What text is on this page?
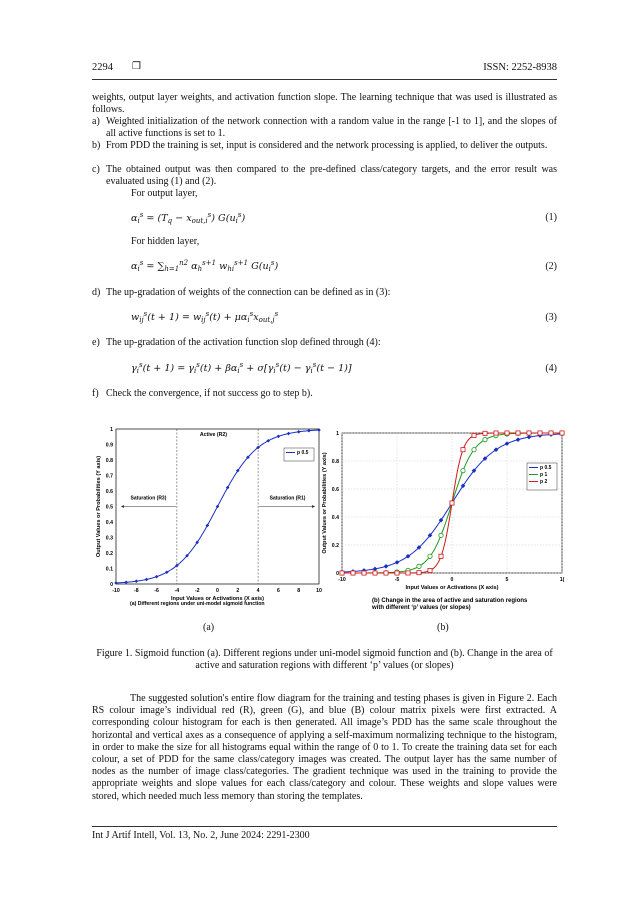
2294 ❒	ISSN: 2252-8938
weights, output layer weights, and activation function slope. The learning technique that was used is illustrated as follows.
a) Weighted initialization of the network connection with a random value in the range [-1 to 1], and the slopes of all active functions is set to 1.
b) From PDD the training is set, input is considered and the network processing is applied, to deliver the outputs.
c) The obtained output was then compared to the pre-defined class/category targets, and the error result was evaluated using (1) and (2).
For output layer,
$\alpha_i^s = (T_q - x_{out,i}^s)$ $G(u_i^s)$	(1)
For hidden layer,
$\alpha_i^s = \sum_{h=1}^{n2}$ $\alpha_h^{s+1}$ $w_{hi}^{s+1}$ $G(u_i^s)$	(2)
d) The up-gradation of weights of the connection can be defined as in (3):
$w_{ij}^s(t + 1) = w_{ij}^s(t) + \mu\alpha_i^sx_{out,j}^s$	(3)
e) The up-gradation of the activation function slop defined through (4):
$\gamma_i^s(t + 1) = \gamma_i^s(t) + \beta\alpha_i^s + \sigma[\gamma_i^s(t) - \gamma_i^s(t - 1)]$	(4)
f) Check the convergence, if not success go to step b).
-10	-8	-6	-4	-2	0	2	4	6	8	10
0
0.1
0.2
0.3
0.4
0.5
0.6
0.7
0.8
0.9
1
Input Values or Activations (X axis)
Output Values or Probabilities (Y axis)
p 0.5
(a) Different regions under uni-model sigmoid function
Active (R2)
Saturation (R3)	Saturation (R1)
-10	-5	0	5	1(
0
0.2
0.4
0.6
0.8
1
Input Values or Activations (X axis)
Output Values or Probabilities (Y axis)	p 0.5
p 1
p 2
(b) Change in the area of active and saturation regions
with different ‘p’ values (or slopes)
(a)	(b)
Figure 1. Sigmoid function (a). Different regions under uni-model sigmoid function and (b). Change in the area of active and saturation regions with different ‘p’ values (or slopes)
The suggested solution's entire flow diagram for the training and testing phases is given in Figure 2. Each RS colour image’s individual red (R), green (G), and blue (B) colour matrix pixels were first extracted. A corresponding colour histogram for each is then generated. All image’s PDD has the same scale throughout the horizontal and vertical axes as a consequence of applying a self-maximum normalizing technique to the histogram, in order to make the size for all histograms equal within the range of 0 to 1. To create the training data set for each colour, a set of PDD for the same class/category images was created. The output layer has the same number of nodes as the number of image class/categories. The gradient technique was used in the training to provide the appropriate weights and slope values for each class/category and colour. These weights and slope values were stored, which needed much less memory than storing the templates.
Int J Artif Intell, Vol. 13, No. 2, June 2024: 2291-2300
